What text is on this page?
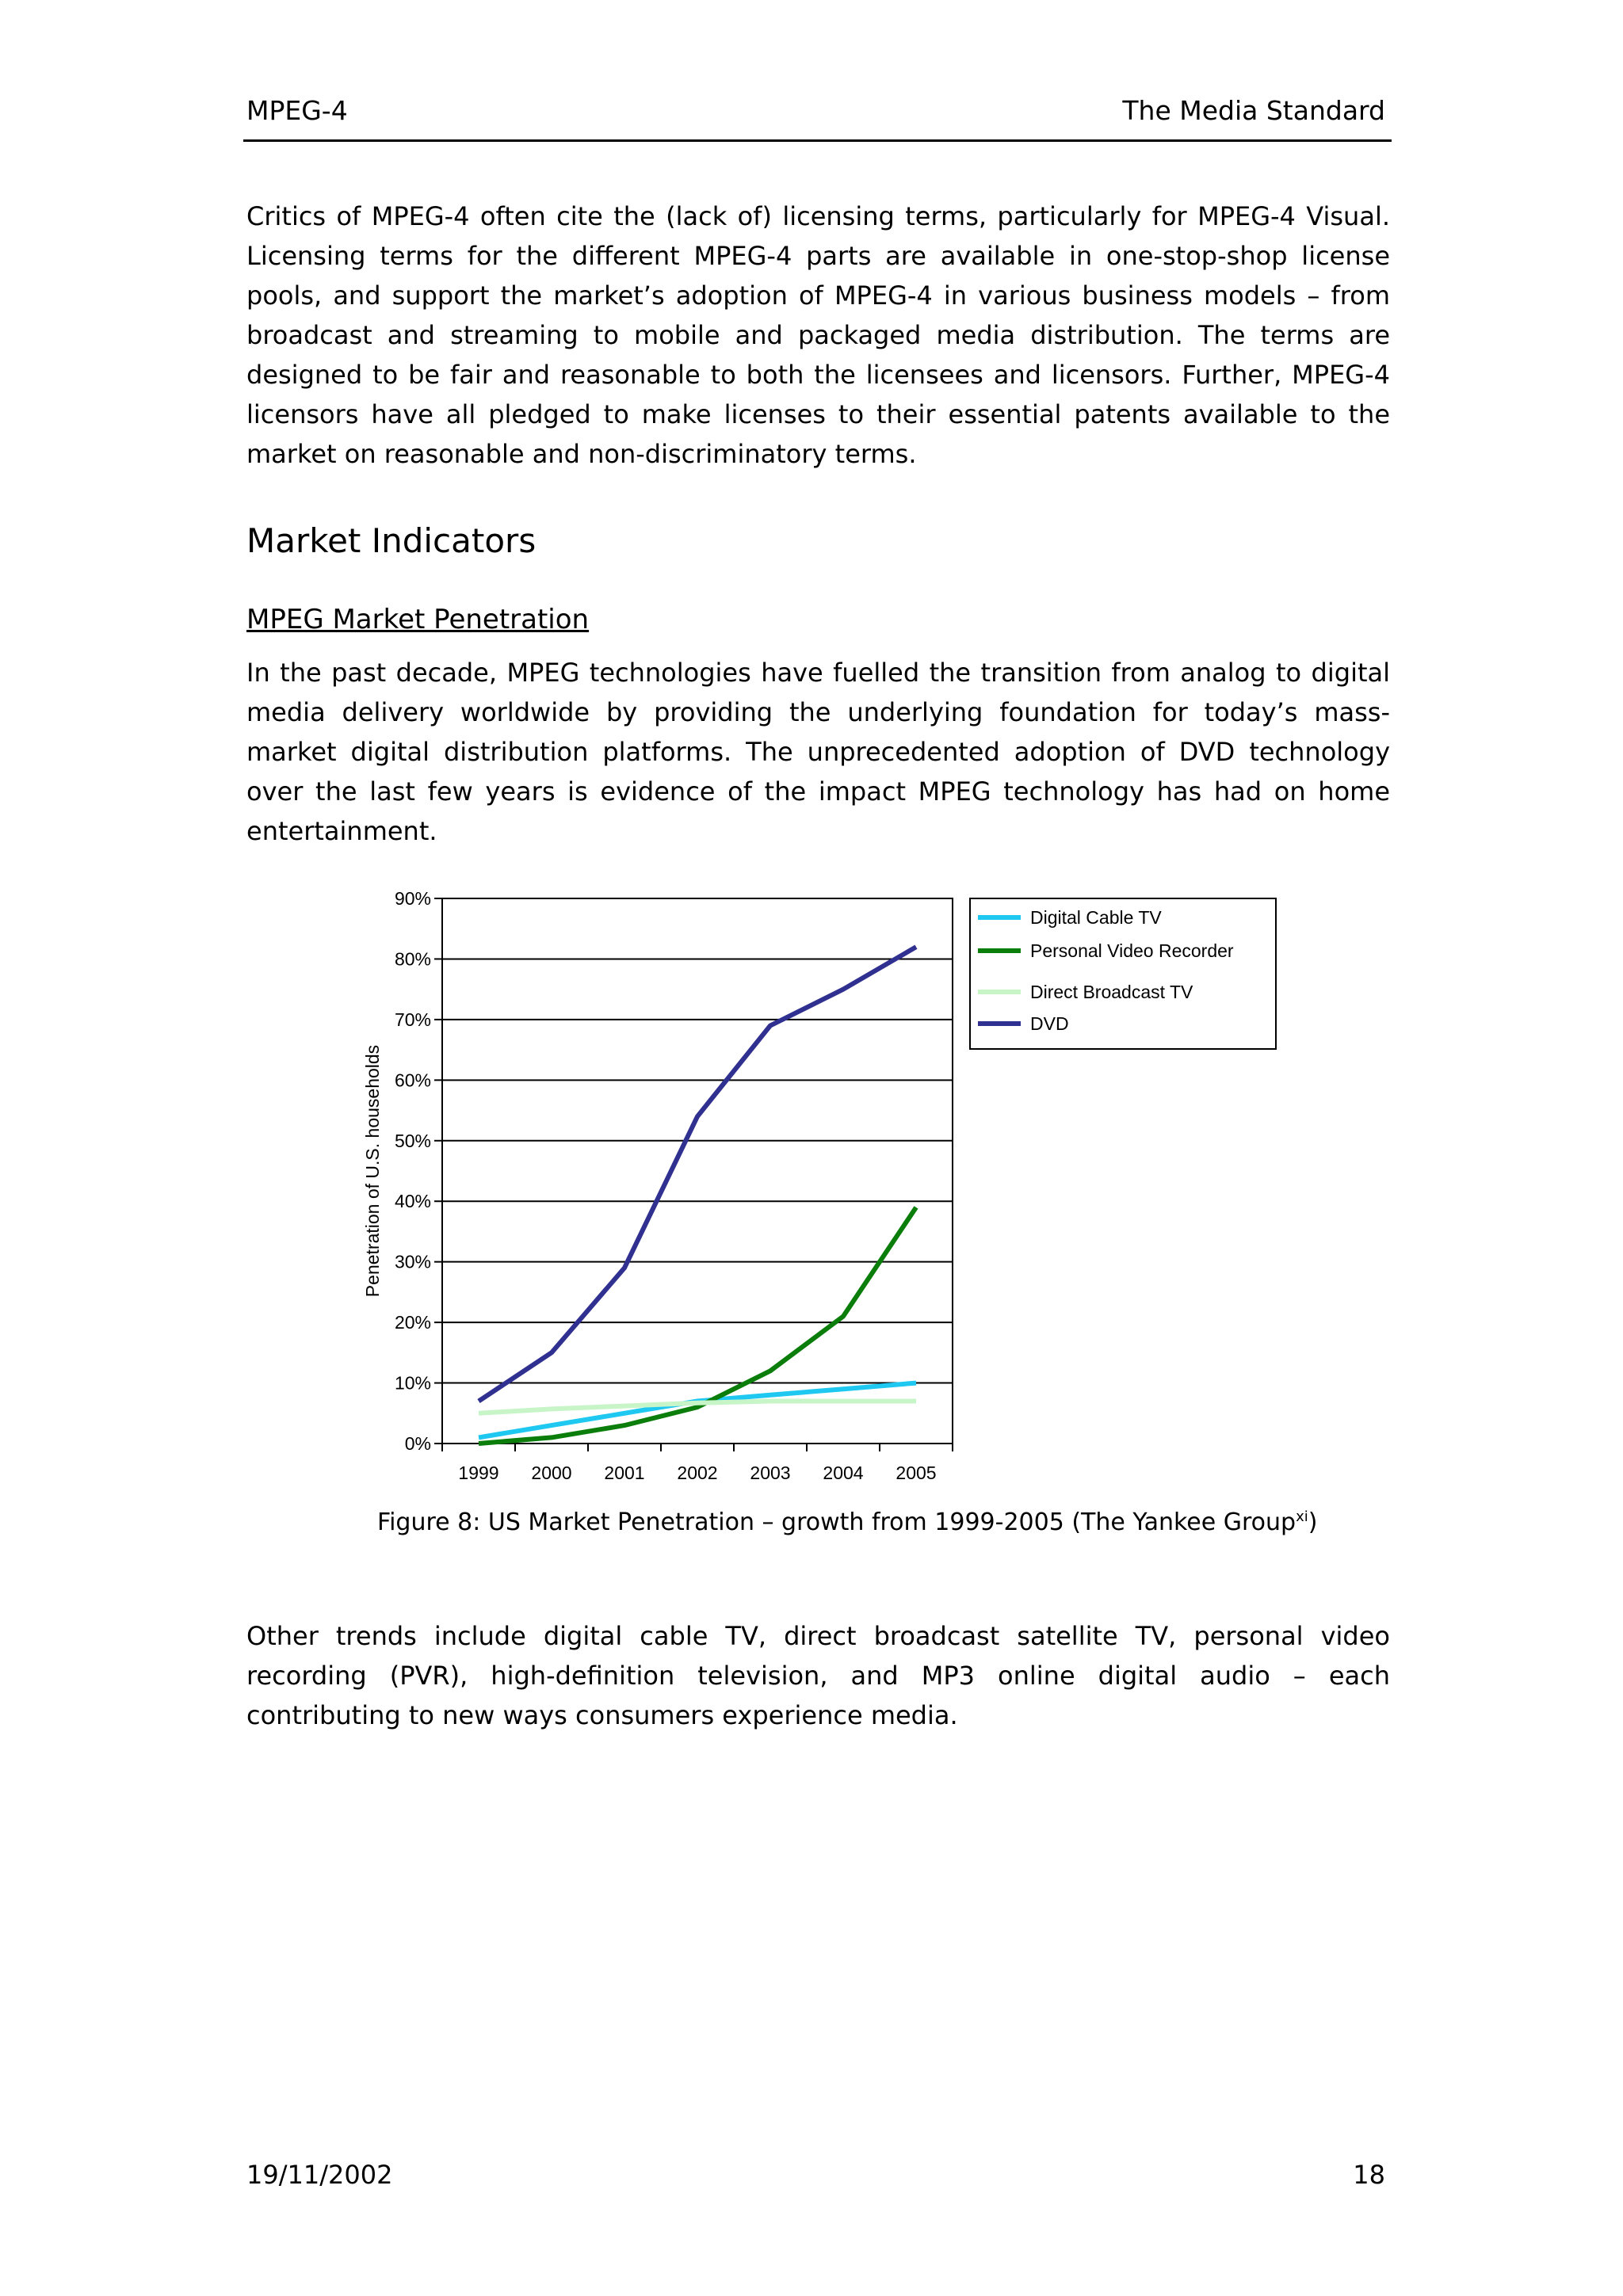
MPEG-4	The Media Standard

Critics of MPEG-4 often cite the (lack of) licensing terms, particularly for MPEG-4 Visual. Licensing terms for the different MPEG-4 parts are available in one-stop-shop license pools, and support the market’s adoption of MPEG-4 in various business models – from broadcast and streaming to mobile and packaged media distribution. The terms are designed to be fair and reasonable to both the licensees and licensors. Further, MPEG-4 licensors have all pledged to make licenses to their essential patents available to the market on reasonable and non-discriminatory terms.

Market Indicators
MPEG Market Penetration

In the past decade, MPEG technologies have fuelled the transition from analog to digital media delivery worldwide by providing the underlying foundation for today’s mass-market digital distribution platforms. The unprecedented adoption of DVD technology over the last few years is evidence of the impact MPEG technology has had on home entertainment.

0%
10%
20%
30%
40%
50%
60%
70%
80%
90%
1999 2000 2001 2002 2003 2004 2005
Penetration of U.S. households
Digital Cable TV
Personal Video Recorder
Direct Broadcast TV
DVD
Figure 8: US Market Penetration – growth from 1999-2005 (The Yankee Group$^{xi}$)

Other trends include digital cable TV, direct broadcast satellite TV, personal video recording (PVR), high-definition television, and MP3 online digital audio – each contributing to new ways consumers experience media.

19/11/2002	18
